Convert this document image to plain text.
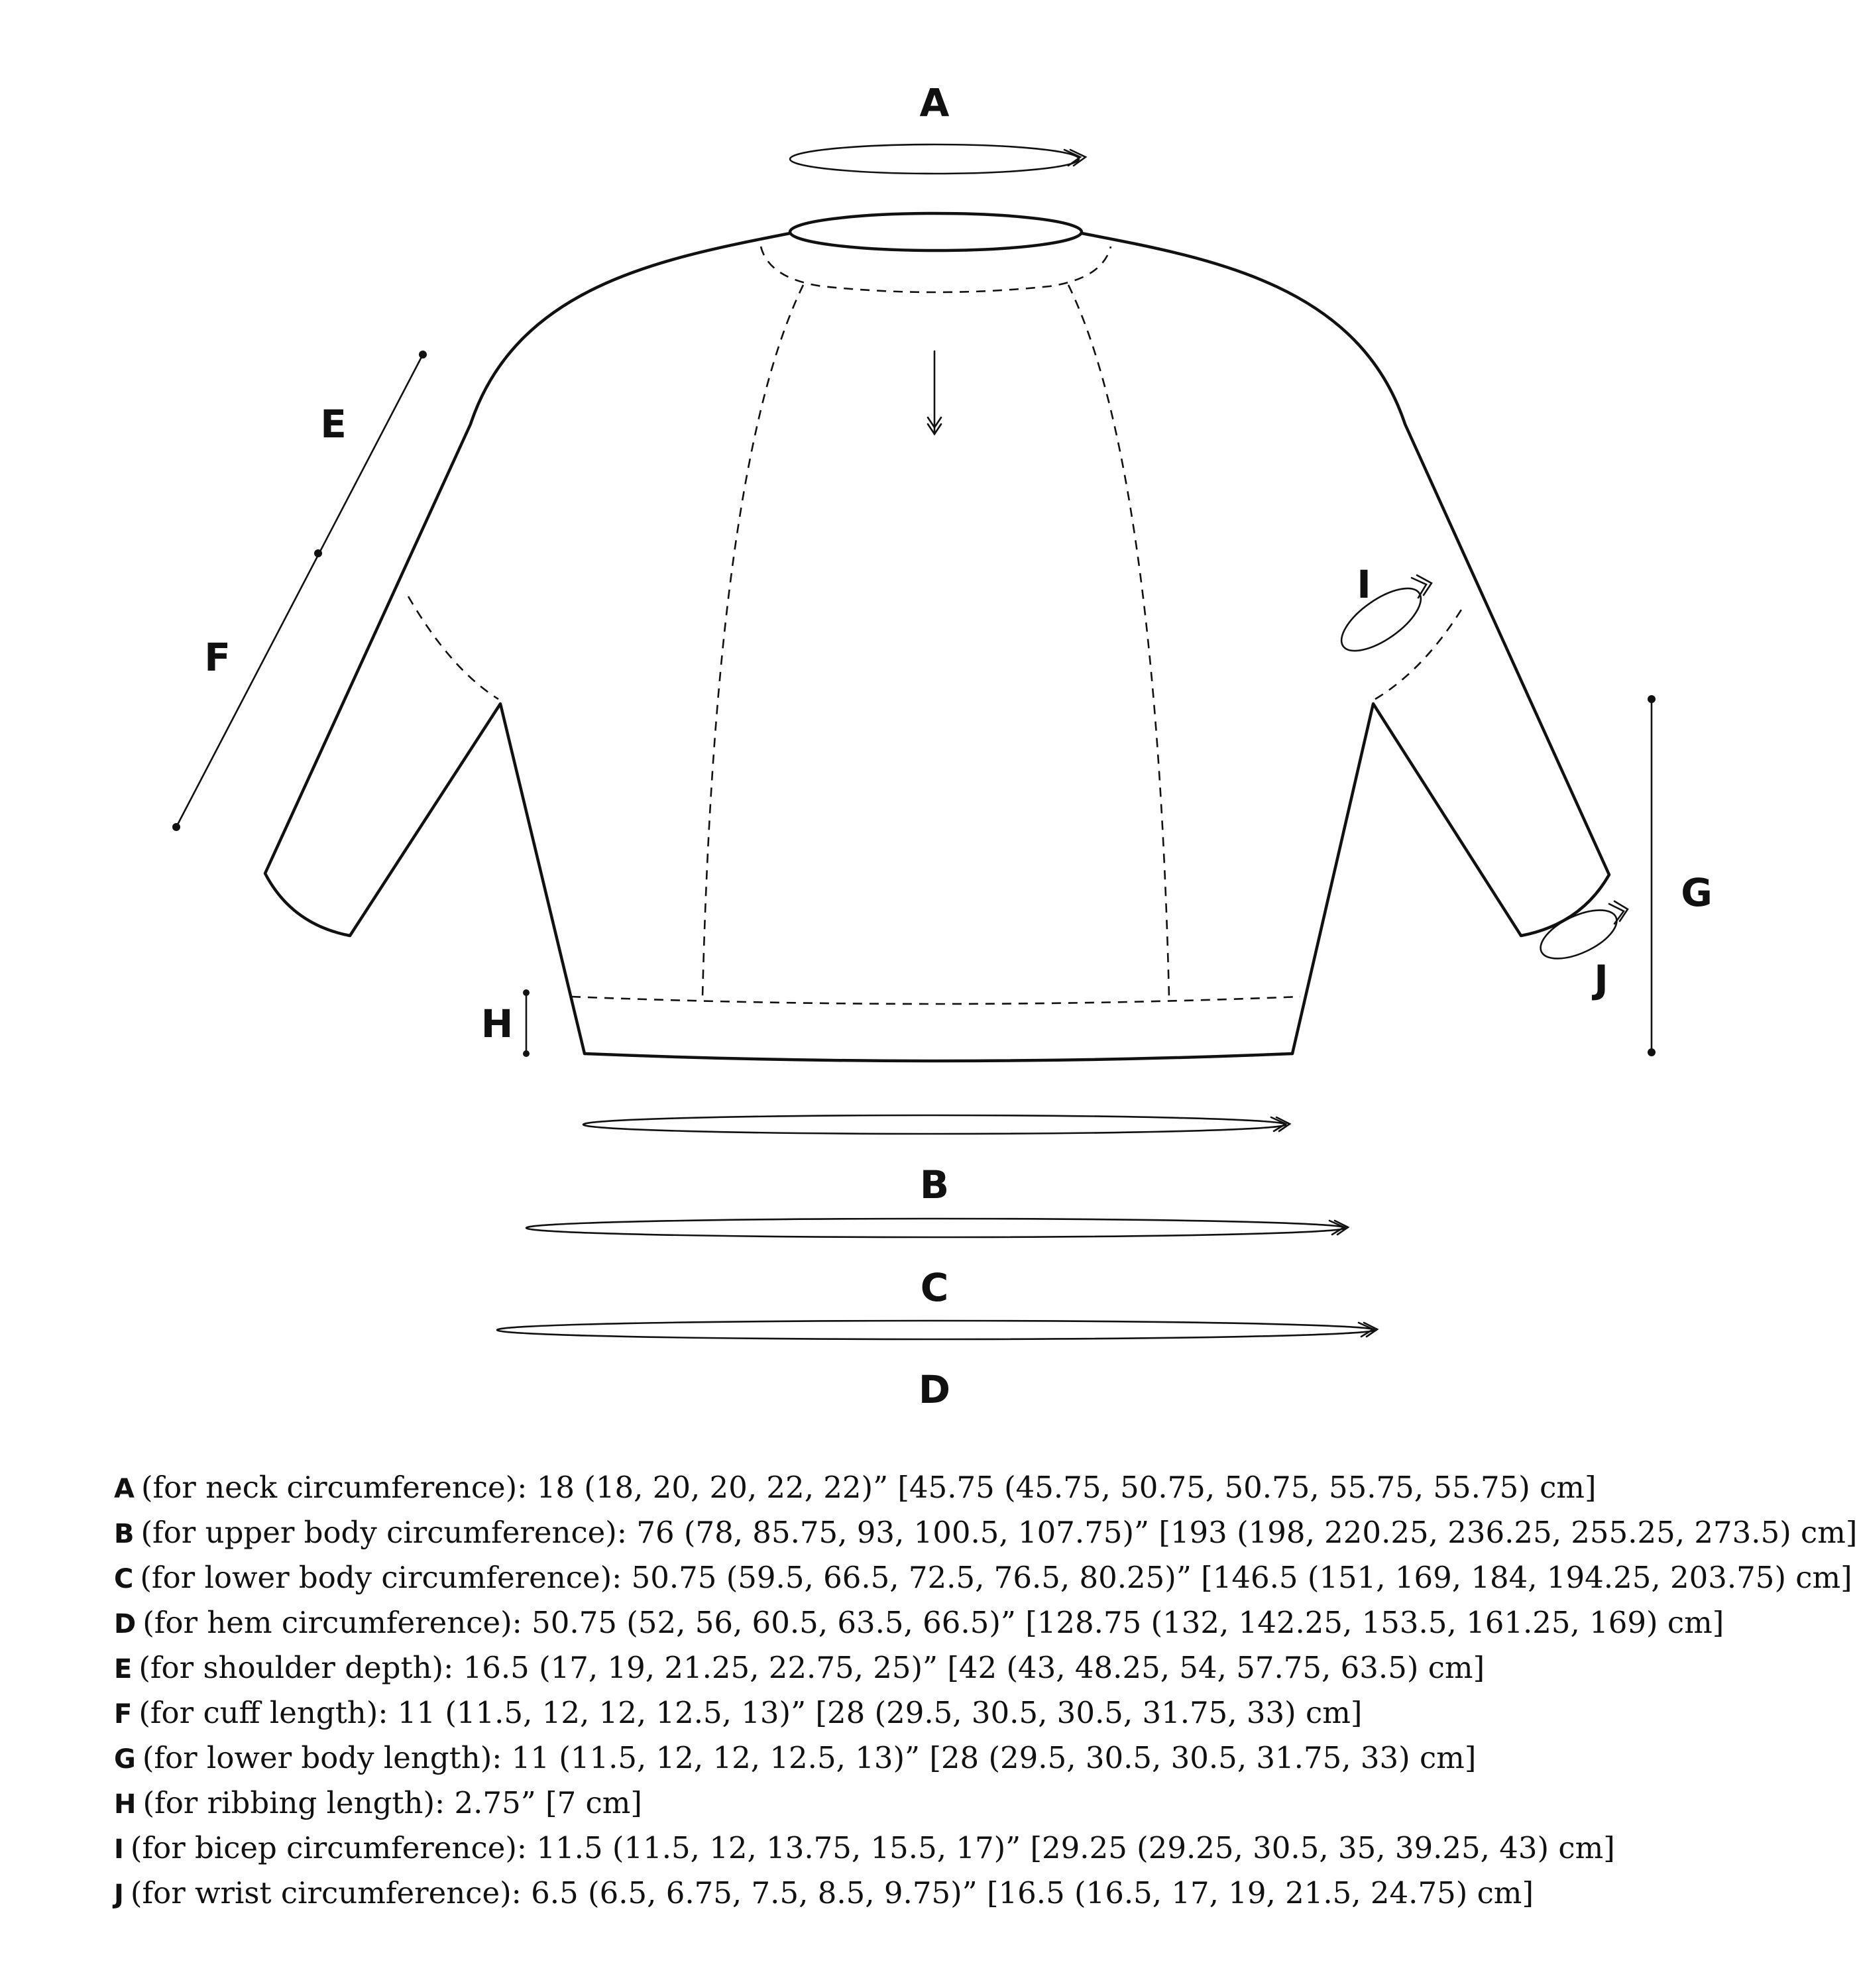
A
E
F
I
J
G
H
B
C
D
A (for neck circumference): 18 (18, 20, 20, 22, 22)” [45.75 (45.75, 50.75, 50.75, 55.75, 55.75) cm]
B (for upper body circumference): 76 (78, 85.75, 93, 100.5, 107.75)” [193 (198, 220.25, 236.25, 255.25, 273.5) cm]
C (for lower body circumference): 50.75 (59.5, 66.5, 72.5, 76.5, 80.25)” [146.5 (151, 169, 184, 194.25, 203.75) cm]
D (for hem circumference): 50.75 (52, 56, 60.5, 63.5, 66.5)” [128.75 (132, 142.25, 153.5, 161.25, 169) cm]
E (for shoulder depth): 16.5 (17, 19, 21.25, 22.75, 25)” [42 (43, 48.25, 54, 57.75, 63.5) cm]
F (for cuff length): 11 (11.5, 12, 12, 12.5, 13)” [28 (29.5, 30.5, 30.5, 31.75, 33) cm]
G (for lower body length): 11 (11.5, 12, 12, 12.5, 13)” [28 (29.5, 30.5, 30.5, 31.75, 33) cm]
H (for ribbing length): 2.75” [7 cm]
I (for bicep circumference): 11.5 (11.5, 12, 13.75, 15.5, 17)” [29.25 (29.25, 30.5, 35, 39.25, 43) cm]
J (for wrist circumference): 6.5 (6.5, 6.75, 7.5, 8.5, 9.75)” [16.5 (16.5, 17, 19, 21.5, 24.75) cm]
